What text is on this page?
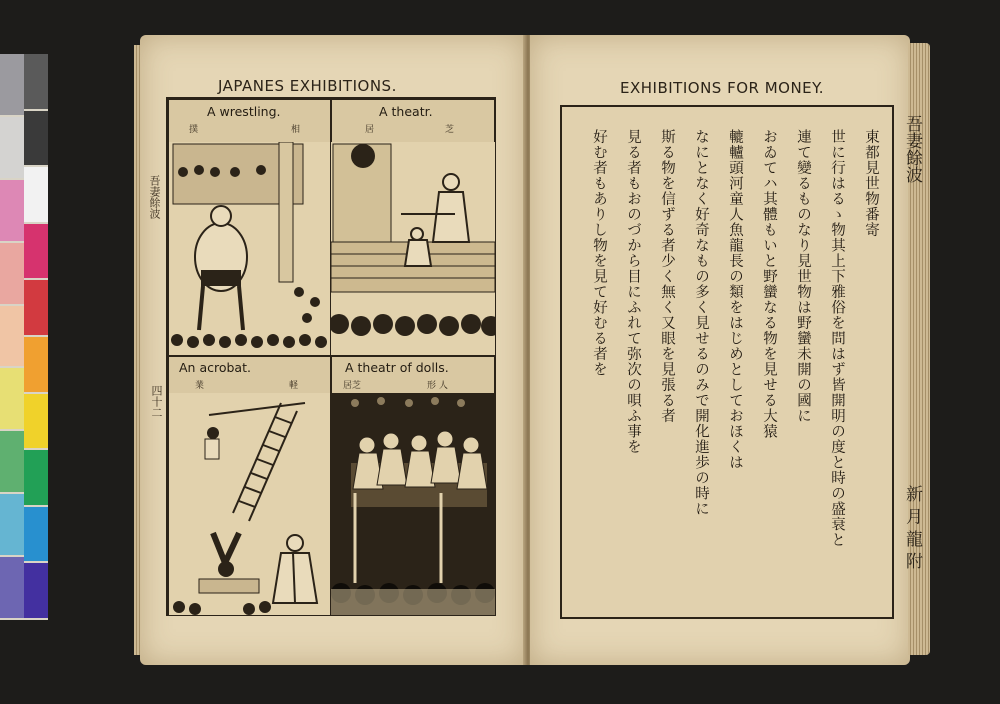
JAPANES EXHIBITIONS.
吾妻餘波
四十二
A wrestling.
撲	相
A theatr.
居	芝
An acrobat.
業	軽
A theatr of dolls.
居芝	形 人
EXHIBITIONS FOR MONEY.
東都見世物番寄
世に行はるゝ物其上下雅俗を問はず皆開明の度と時の盛衰と
連て變るものなり見世物は野蠻未開の國に
おゐてハ其體もいと野蠻なる物を見せる大猿
轆轤頭河童人魚龍長の類をはじめとしておほくは
なにとなく好奇なもの多く見せるのみで開化進歩の時に
斯る物を信ずる者少く無く又眼を見張る者
見る者もおのづから目にふれて弥次の唄ふ事を
好む者もありし物を見て好むる者を	吾妻餘波
新 月 龍 附
